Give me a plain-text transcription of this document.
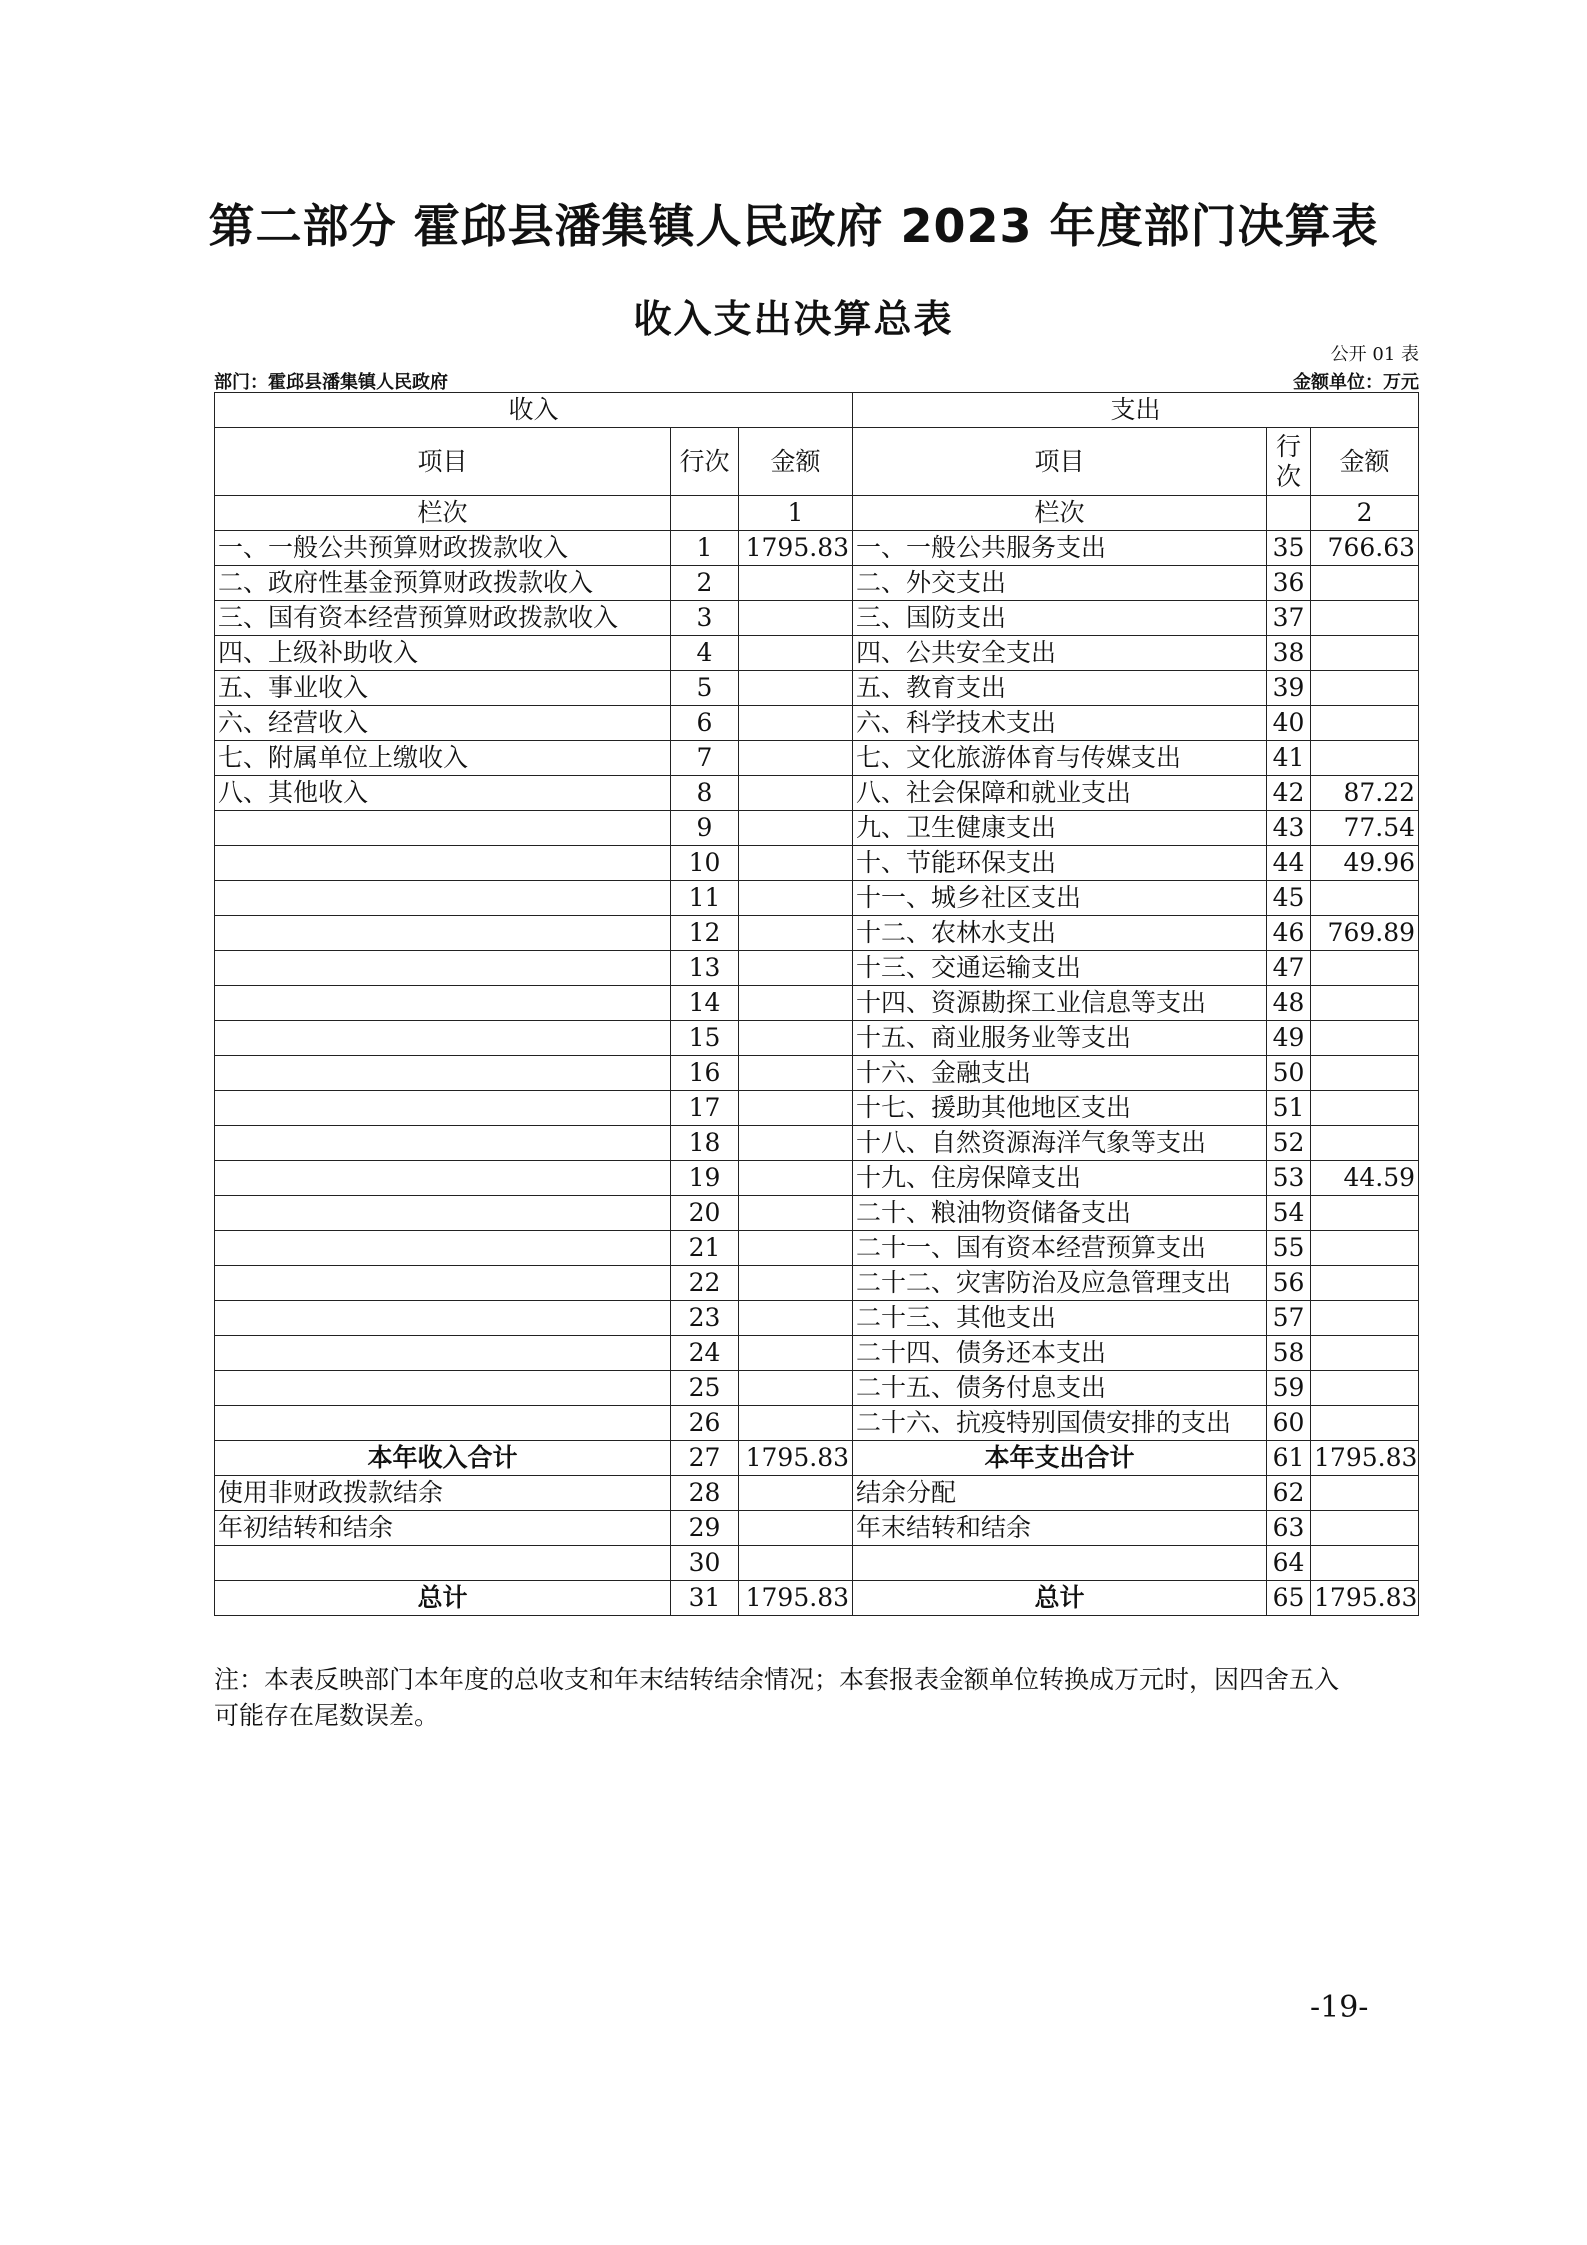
第二部分 霍邱县潘集镇人民政府 2023 年度部门决算表
收入支出决算总表
公开 01 表
部门：霍邱县潘集镇人民政府	金额单位：万元
收入			支出		
项目	行次	金额	项目	行次	金额
栏次		1	栏次		2
一、一般公共预算财政拨款收入	1	1795.83	一、一般公共服务支出	35	766.63
二、政府性基金预算财政拨款收入	2		二、外交支出	36	
三、国有资本经营预算财政拨款收入	3		三、国防支出	37	
四、上级补助收入	4		四、公共安全支出	38	
五、事业收入	5		五、教育支出	39	
六、经营收入	6		六、科学技术支出	40	
七、附属单位上缴收入	7		七、文化旅游体育与传媒支出	41	
八、其他收入	8		八、社会保障和就业支出	42	87.22
	9		九、卫生健康支出	43	77.54
	10		十、节能环保支出	44	49.96
	11		十一、城乡社区支出	45	
	12		十二、农林水支出	46	769.89
	13		十三、交通运输支出	47	
	14		十四、资源勘探工业信息等支出	48	
	15		十五、商业服务业等支出	49	
	16		十六、金融支出	50	
	17		十七、援助其他地区支出	51	
	18		十八、自然资源海洋气象等支出	52	
	19		十九、住房保障支出	53	44.59
	20		二十、粮油物资储备支出	54	
	21		二十一、国有资本经营预算支出	55	
	22		二十二、灾害防治及应急管理支出	56	
	23		二十三、其他支出	57	
	24		二十四、债务还本支出	58	
	25		二十五、债务付息支出	59	
	26		二十六、抗疫特别国债安排的支出	60	
本年收入合计	27	1795.83	本年支出合计	61	1795.83
使用非财政拨款结余	28		结余分配	62	
年初结转和结余	29		年末结转和结余	63	
	30			64	
总计	31	1795.83	总计	65	1795.83
注：本表反映部门本年度的总收支和年末结转结余情况；本套报表金额单位转换成万元时，因四舍五入
可能存在尾数误差。
-19-
